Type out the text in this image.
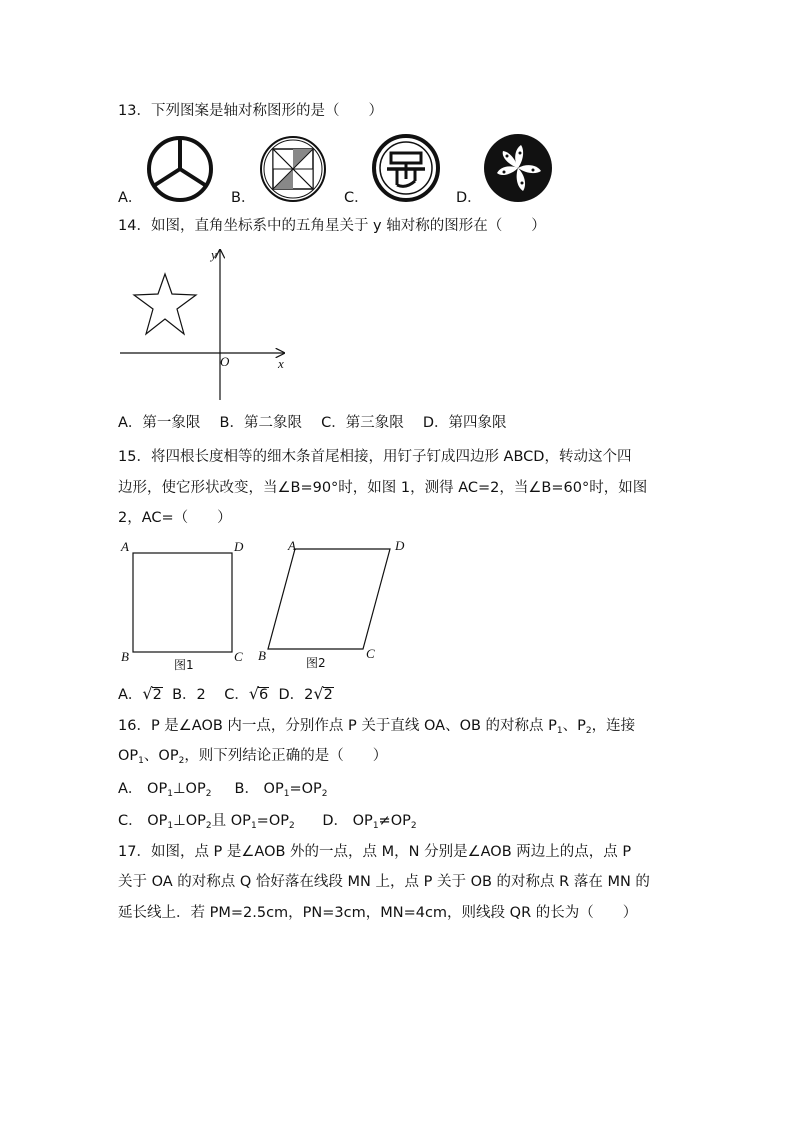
13．下列图案是轴对称图形的是（　　）
A．	B．	C．	D．
14．如图，直角坐标系中的五角星关于 y 轴对称的图形在（　　）
y
x
O
A．第一象限　 B．第二象限　 C．第三象限　 D．第四象限
15．将四根长度相等的细木条首尾相接，用钉子钉成四边形 ABCD，转动这个四
边形，使它形状改变，当∠B=90°时，如图 1，测得 AC=2，当∠B=60°时，如图
2，AC=（　　）
A	D
B	C
图1
A	D
B	C
图2
A．√2 B．2 C．√6 D．2√2
16．P 是∠AOB 内一点，分别作点 P 关于直线 OA、OB 的对称点 $P_1$、$P_2$，连接
$OP_1$、$OP_2$，则下列结论正确的是（　　）
A． $OP_1\perp OP_2$ B． $OP_1=OP_2$
C． $OP_1\perp OP_2$且 $OP_1=OP_2$ D． $OP_1\ne OP_2$
17．如图，点 P 是∠AOB 外的一点，点 M，N 分别是∠AOB 两边上的点，点 P
关于 OA 的对称点 Q 恰好落在线段 MN 上，点 P 关于 OB 的对称点 R 落在 MN 的
延长线上．若 PM=2.5cm，PN=3cm，MN=4cm，则线段 QR 的长为（　　）
